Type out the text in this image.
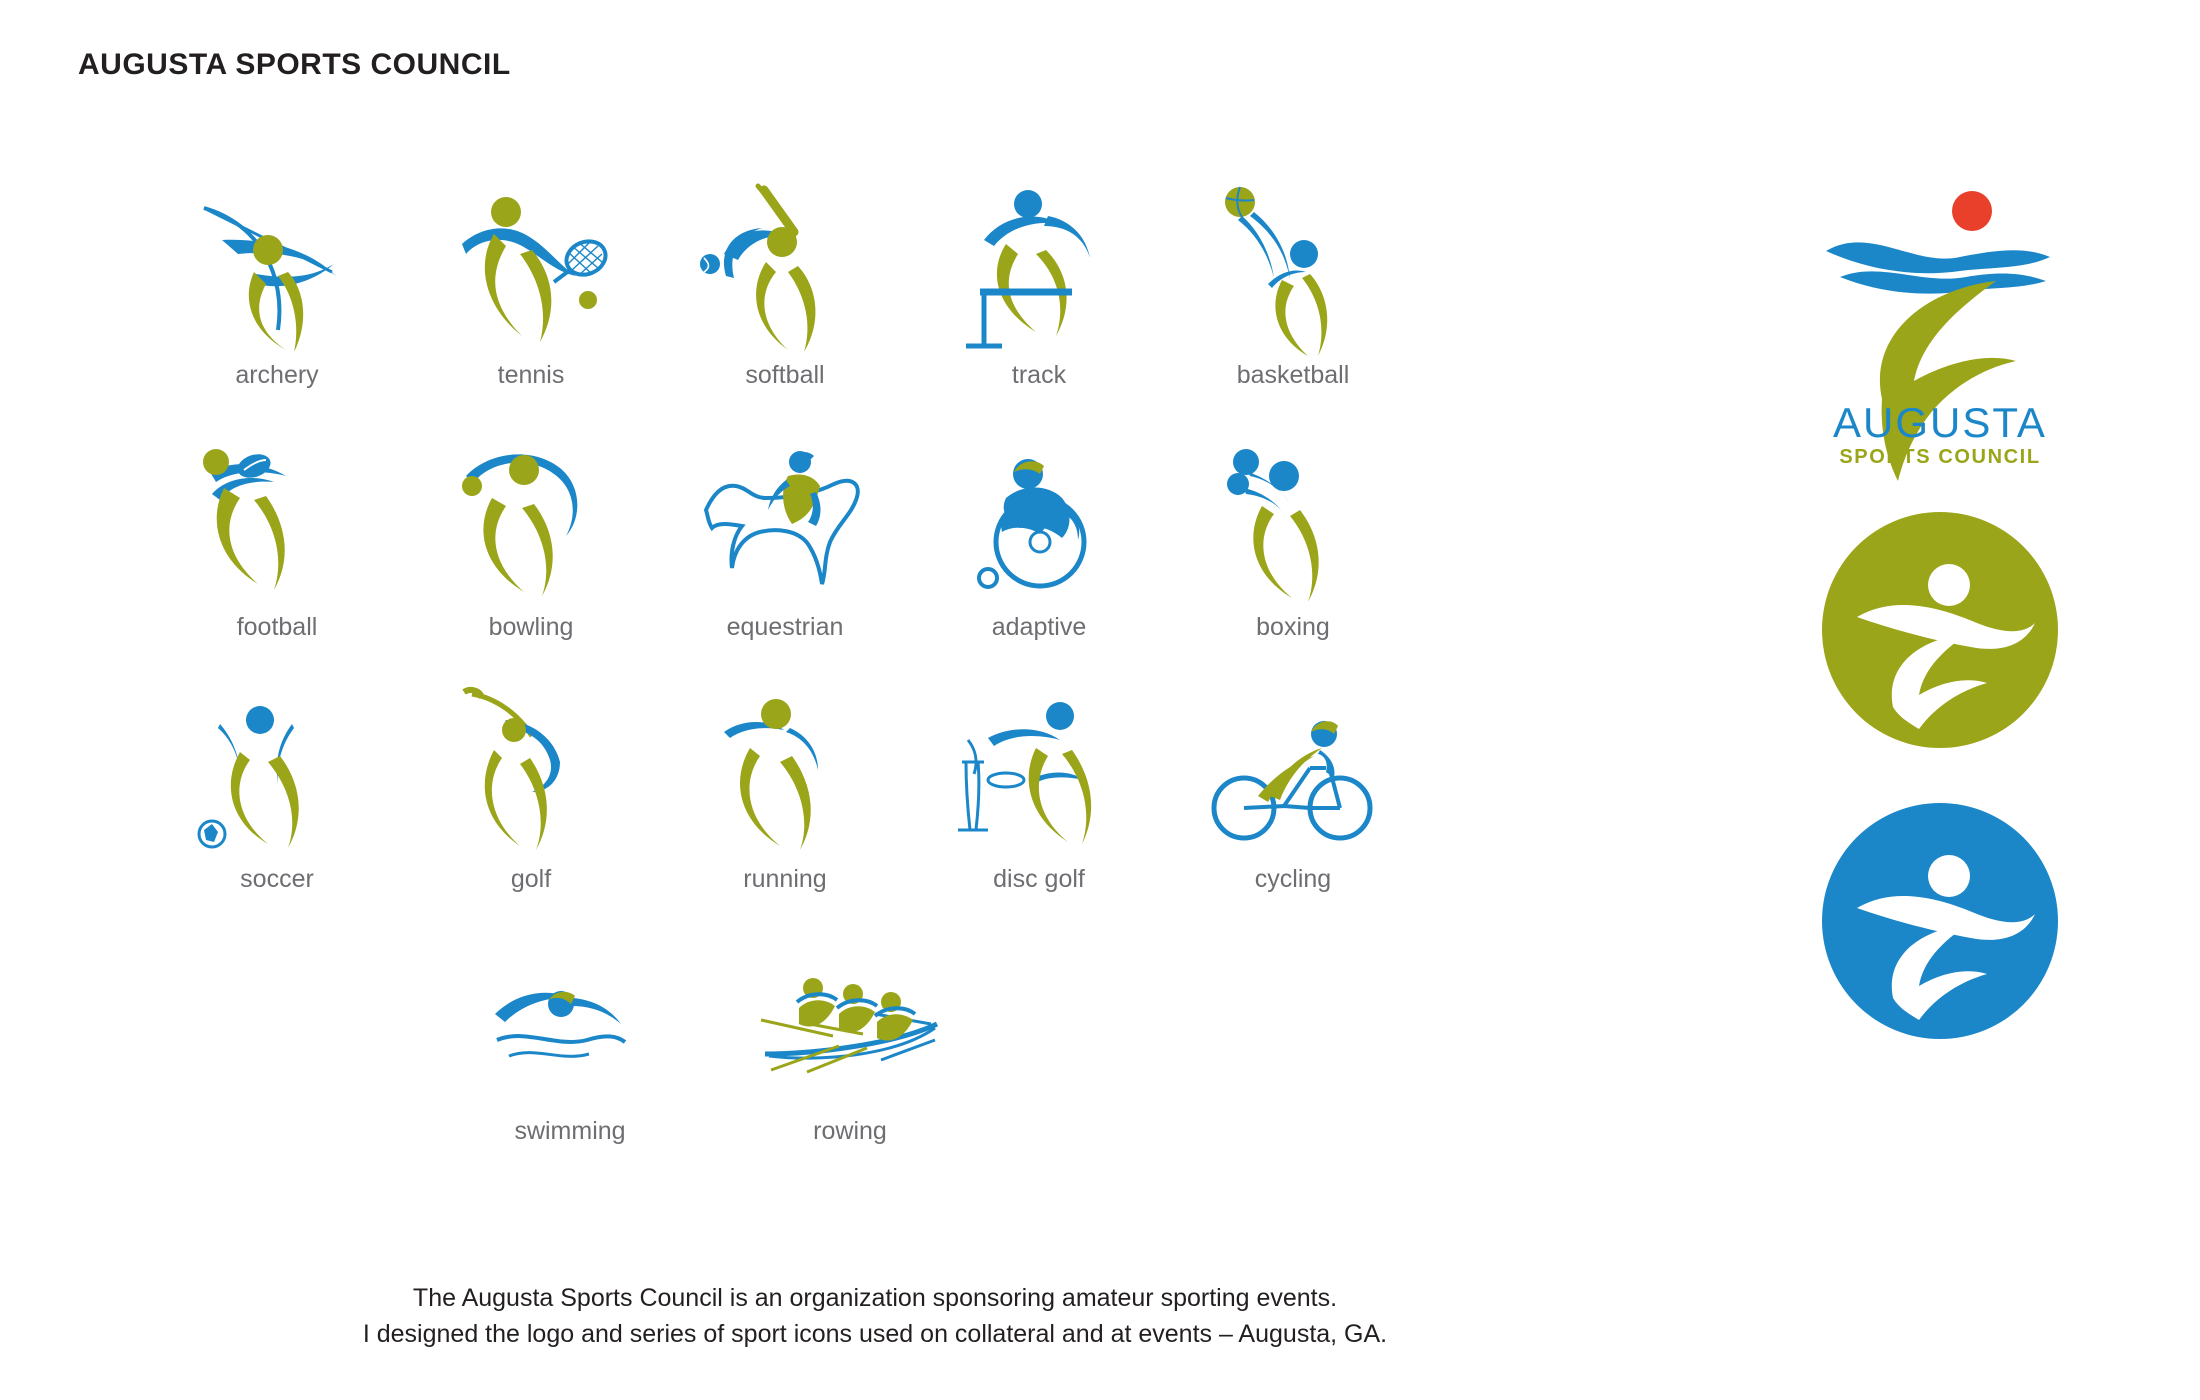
AUGUSTA SPORTS COUNCIL
archery	tennis	softball	track	basketball
football	bowling	equestrian	adaptive	boxing
soccer	golf	running	disc golf	cycling
swimming	rowing
AUGUSTA
SPORTS COUNCIL
The Augusta Sports Council is an organization sponsoring amateur sporting events.
I designed the logo and series of sport icons used on collateral and at events – Augusta, GA.
